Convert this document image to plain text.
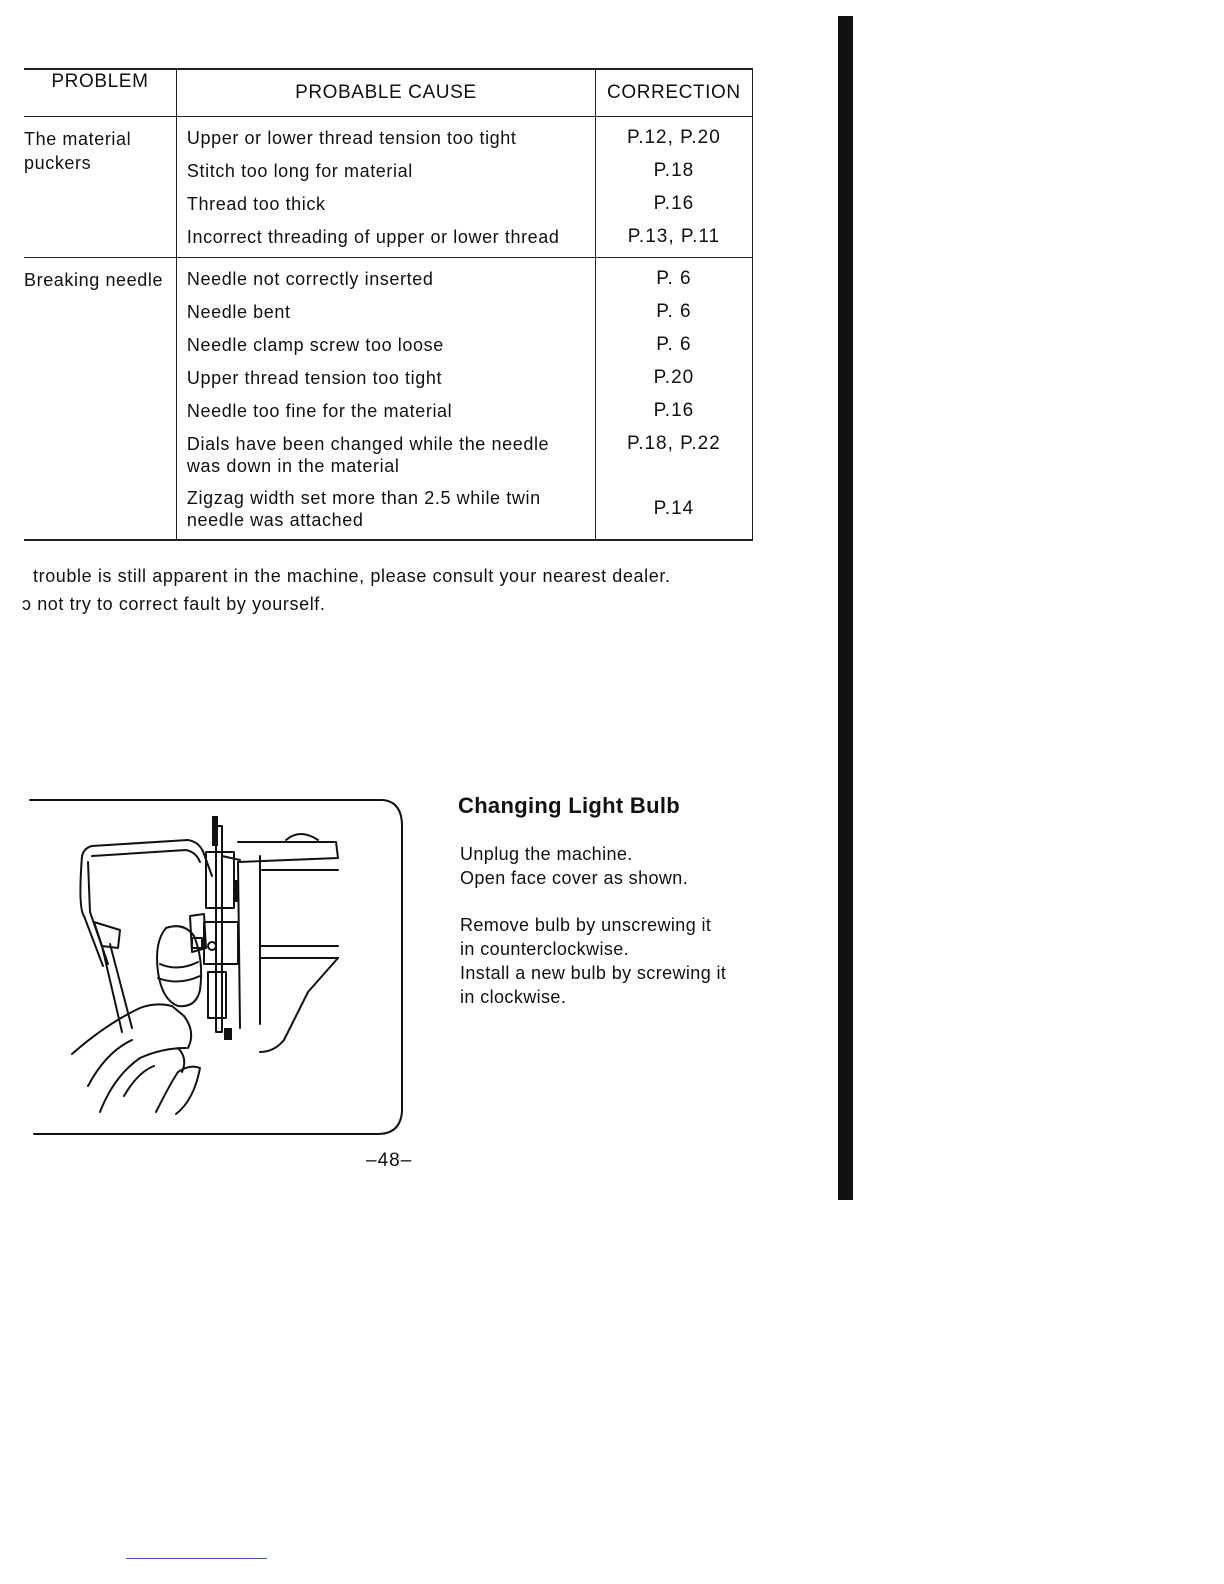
PROBLEM	PROBABLE CAUSE	CORRECTION

The material
puckers	Upper or lower thread tension too tight	P.12, P.20

	Stitch too long for material	P.18

	Thread too thick	P.16

	Incorrect threading of upper or lower thread	P.13, P.11

Breaking needle	Needle not correctly inserted	P. 6

	Needle bent	P. 6

	Needle clamp screw too loose	P. 6

	Upper thread tension too tight	P.20

	Needle too fine for the material	P.16

	Dials have been changed while the needle
was down in the material	P.18, P.22

	Zigzag width set more than 2.5 while twin
needle was attached	P.14
trouble is still apparent in the machine, please consult your nearest dealer.
ɔ not try to correct fault by yourself.
Changing Light Bulb

Unplug the machine.

Open face cover as shown.

Remove bulb by unscrewing it

in counterclockwise.

Install a new bulb by screwing it

in clockwise.

–48–
